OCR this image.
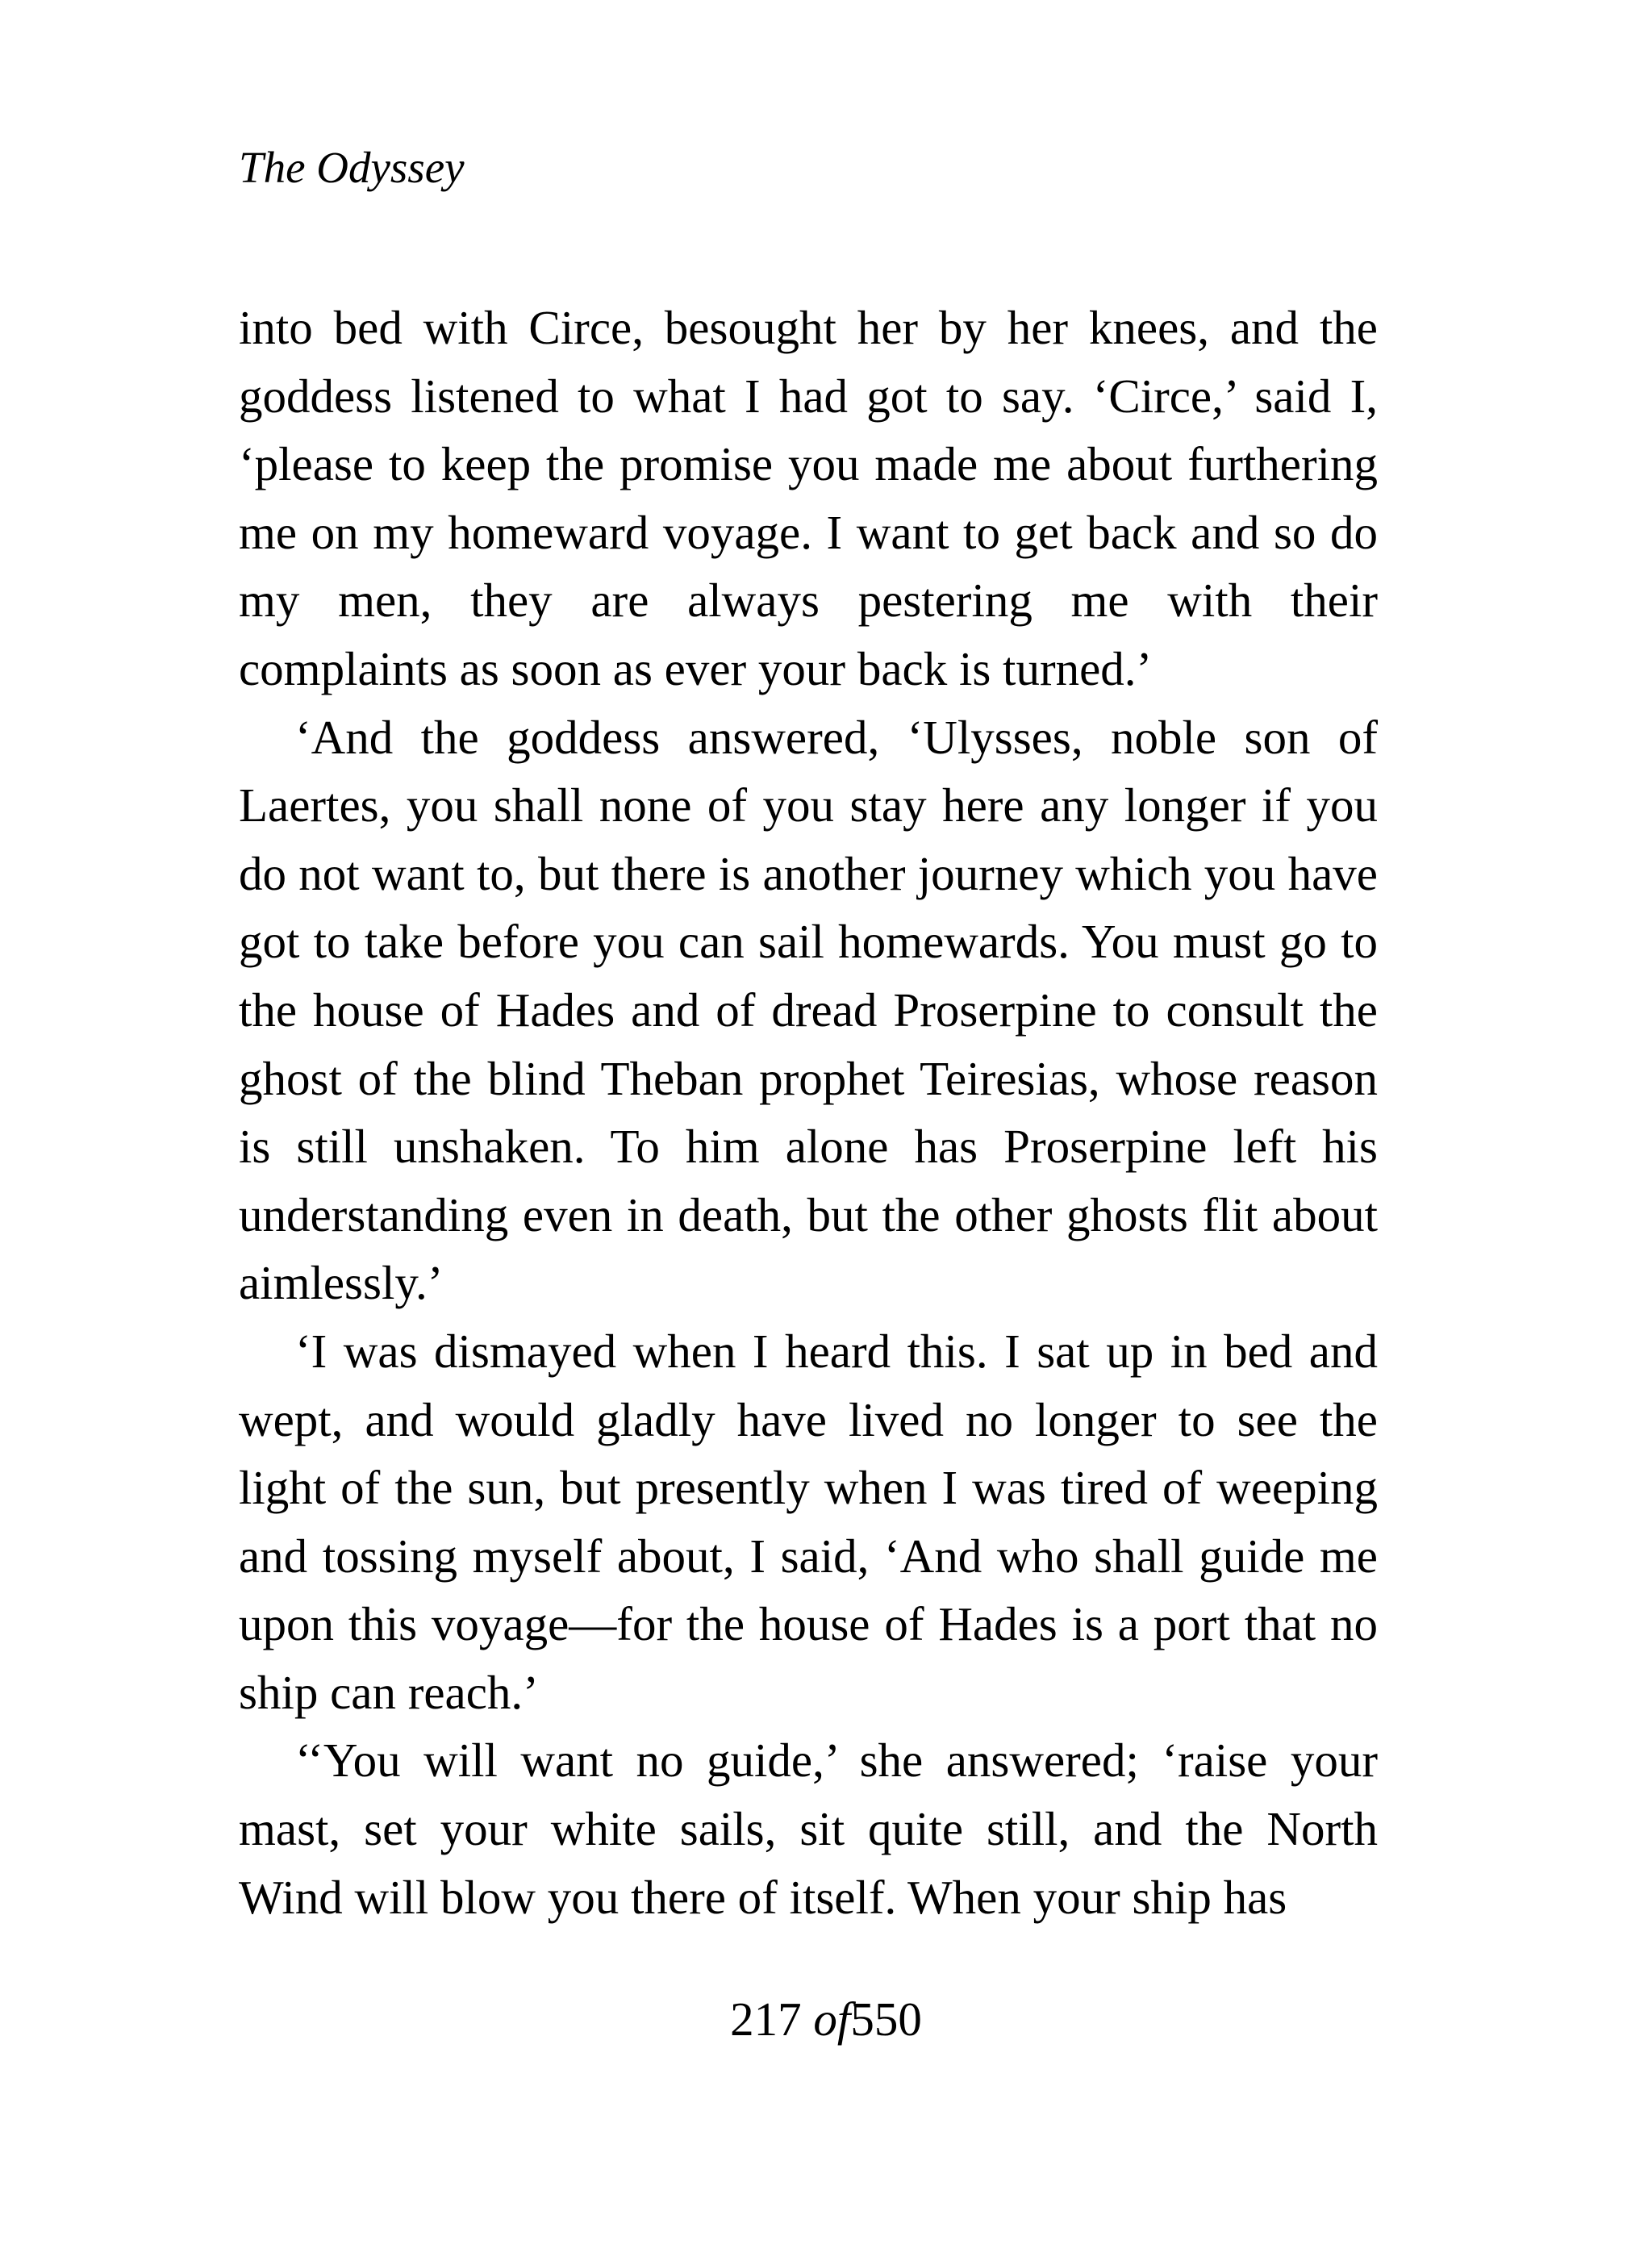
The Odyssey

into bed with Circe, besought her by her knees, and the goddess listened to what I had got to say. ‘Circe,’ said I, ‘please to keep the promise you made me about furthering me on my homeward voyage. I want to get back and so do my men, they are always pestering me with their complaints as soon as ever your back is turned.’

‘And the goddess answered, ‘Ulysses, noble son of Laertes, you shall none of you stay here any longer if you do not want to, but there is another journey which you have got to take before you can sail homewards. You must go to the house of Hades and of dread Proserpine to consult the ghost of the blind Theban prophet Teiresias, whose reason is still unshaken. To him alone has Proserpine left his understanding even in death, but the other ghosts flit about aimlessly.’

‘I was dismayed when I heard this. I sat up in bed and wept, and would gladly have lived no longer to see the light of the sun, but presently when I was tired of weeping and tossing myself about, I said, ‘And who shall guide me upon this voyage—for the house of Hades is a port that no ship can reach.’

‘‘You will want no guide,’ she answered; ‘raise your mast, set your white sails, sit quite still, and the North Wind will blow you there of itself. When your ship has

217 of550
